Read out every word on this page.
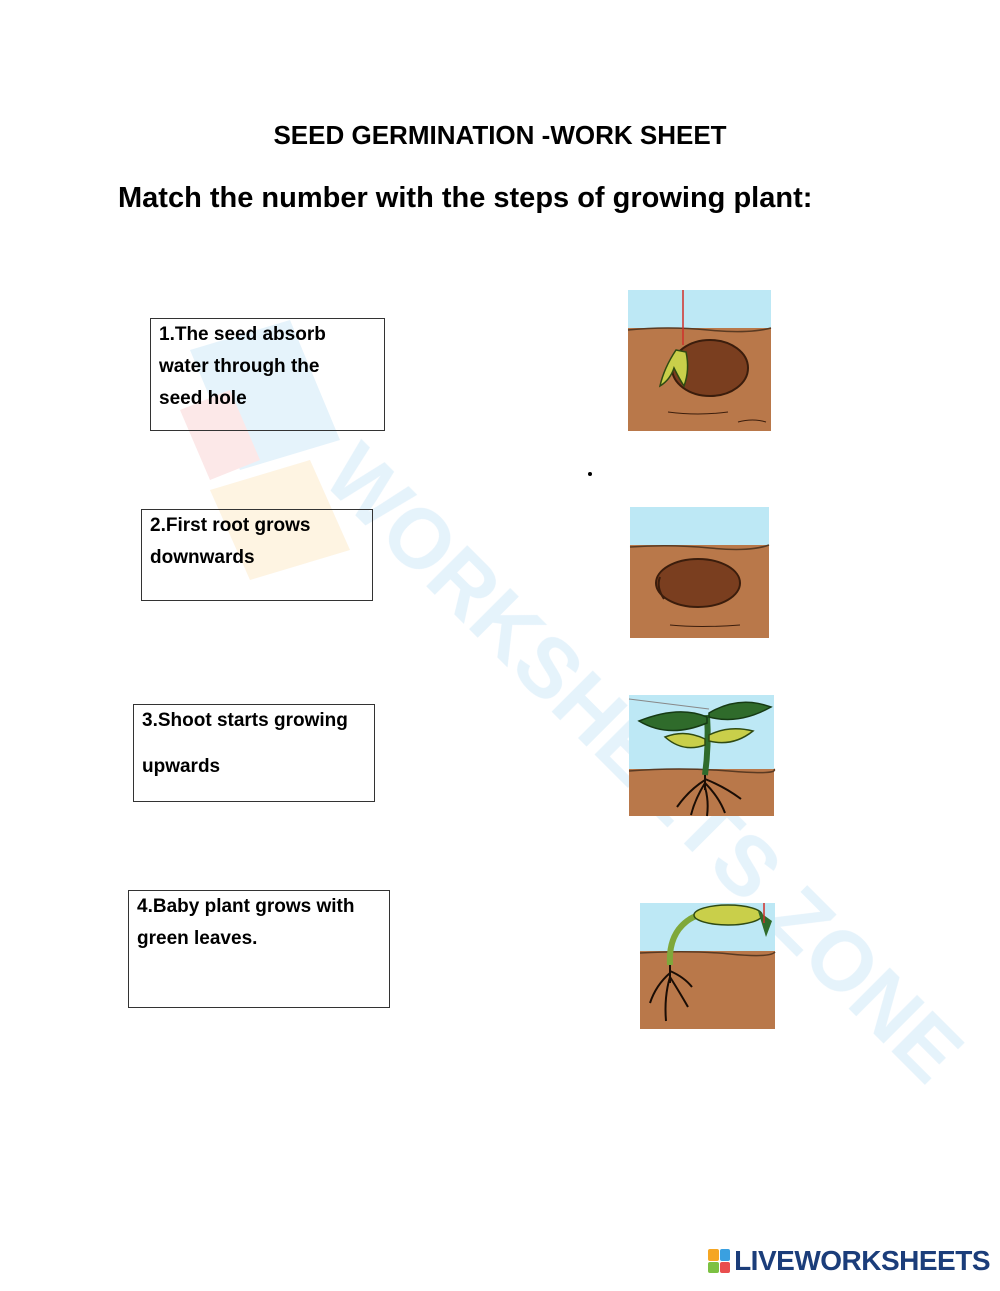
WORKSHEETS ZONE
SEED GERMINATION -WORK SHEET
Match the number with the steps of growing plant:
1.The seed absorb
water through the
seed hole
2.First root grows
downwards
3.Shoot starts growing
upwards
4.Baby plant grows with
green leaves.
LIVEWORKSHEETS
